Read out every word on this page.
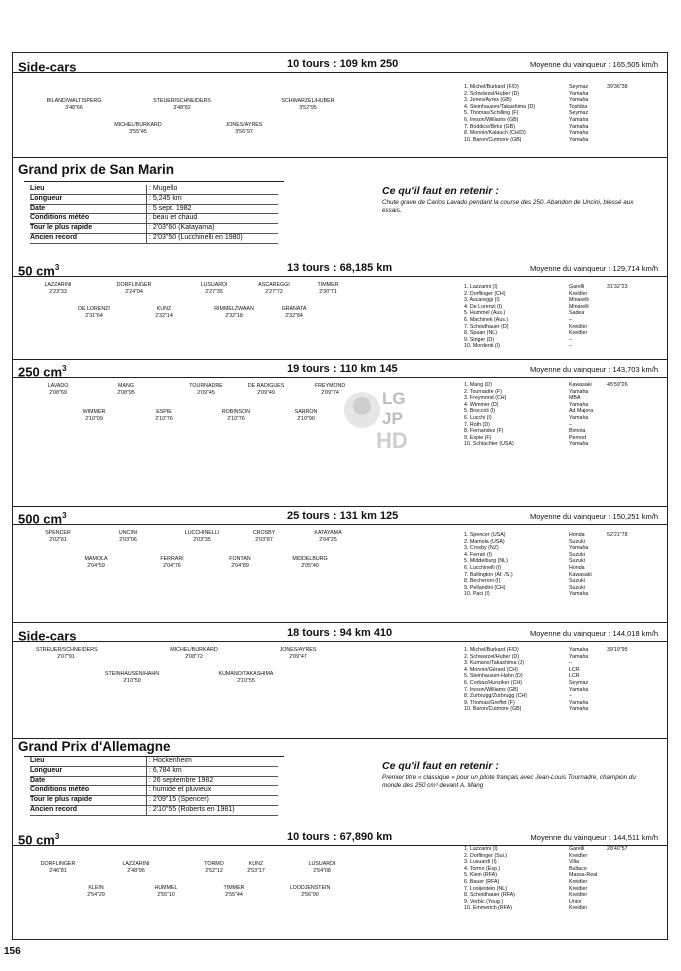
Side-cars	10 tours : 109 km 250	Moyenne du vainqueur : 165,505 km/h
BILAND/WALTISPERG
3'48"66
STEUER/SCHNEIDERS
3'48"82
SCHWARZEL/HUBER
3'52"95
MICHEL/BURKARD
3'55"45
JONES/AYRES
3'56"97
1. Michel/Burkard (F/D)	Seymaz	39'36"38
2. Schwärzel/Huber (D)	Yamaha
3. Jones/Ayres (GB)	Yamaha
4. Steinhausen/Takashima (D)	Toshiba
5. Thomas/Schilling (F)	Seymaz
6. Ireson/Williams (GB)	Yamaha
7. Boddice/Birks (GB)	Yamaha
8. Monnin/Kalauch (CH/D)	Yamaha
10. Baron/Cutmore (GB)	Yamaha
50 $cm^3$	13 tours : 68,185 km	Moyenne du vainqueur : 129,714 km/h
LAZZARINI
2'23"33
DORFLINGER
2'24"04
LUSUARDI
2'27"35
ASCAREGGI
2'27"72
TIMMER
2'30"71
DE LORENZI
2'31"64
KUNZ
2'32"14
RIMMELZWAAN
2'32"18
GRANATA
2'32"84
1. Lazzarini (I)	Garelli	31'32"23
2. Dorflinger (CH)	Kreidler
3. Ascareggi (I)	Minarelli
4. De Lorenzi (I)	Minarelli
5. Hummel (Aus.)	Sadea
6. Machinek (Aus.)	–
7. Scheidhauer (D)	Kreidler
8. Spaan (NL)	Kreidler
9. Singer (D)	–
10. Mordenti (I)	–
250 $cm^3$	19 tours : 110 km 145	Moyenne du vainqueur : 143,703 km/h
LAVADO
2'08"69
MANG
2'08"95
TOURNADRE
2'09"45
DE RADIGUES
2'09"49
FREYMOND
2'09"74
WIMMER
2'10"09
ESPIE
2'10"76
ROBINSON
2'10"76
SARRON
2'10"90
1. Mang (D)	Kawasaki	45'59"26
2. Tournadre (F)	Yamaha
3. Freymond (CH)	MBA
4. Wimmer (D)	Yamaha
5. Broccoli (I)	Ad Majora
6. Lucchi (I)	Yamaha
7. Roth (D)	–
8. Fernandez (F)	Bimota
9. Espie (F)	Pernod
10. Schlachter (USA)	Yamaha
500 $cm^3$	25 tours : 131 km 125	Moyenne du vainqueur : 150,251 km/h
SPENCER
2'02"81
UNCINI
2'03"06
LUCCHINELLI
2'03"35
CROSBY
2'03"87
KATAYAMA
2'04"25
MAMOLA
2'04"59
FERRARI
2'04"76
FONTAN
2'04"89
MIDDELBURG
2'05"40
1. Spencer (USA)	Honda	52'21"78
2. Mamola (USA)	Suzuki
3. Crosby (NZ)	Yamaha
4. Ferrari (I)	Suzuki
5. Middelburg (NL)	Suzuki
6. Lucchinelli (I)	Honda
7. Ballington (Af. /S.)	Kawasaki
8. Becheroni (I)	Suzuki
9. Pellandini (CH)	Suzuki
10. Paci (I)	Yamaha
Side-cars	18 tours : 94 km 410	Moyenne du vainqueur : 144,018 km/h
STREUER/SCHNEIDERS
2'07"91
MICHEL/BURKARD
2'08"72
JONES/AYRES
2'09"47
STEINHAUSEN/HAHN
2'10"50
KUMANO/TAKASHIMA
2'10"55
1. Michel/Burkard (F/D)	Yamaha	39'19"95
2. Schwarzel/Huber (D)	Yamaha
3. Kumano/Takashima (J)	–
4. Monnin/Gérard (CH)	LCR
5. Steinhausen-Hahn (D)	LCR
6. Corbaz/Hunziker (CH)	Seymaz
7. Ireson/Williams (GB)	Yamaha
8. Zurbrugg/Zurbrugg (CH)	–
9. Thomas/Greffet (F)	Yamaha
10. Baron/Cutmore (GB)	Yamaha
50 $cm^3$	10 tours : 67,890 km	Moyenne du vainqueur : 144,511 km/h
DORFLINGER
2'46"81
LAZZARINI
2'48"96
TORMO
2'52"12
KUNZ
2'53"17
LUSUARDI
2'54"08
KLEIN
2'54"29
HUMMEL
2'55"10
TIMMER
2'55"44
LOODJENSTEIN
2'56"90
1. Lazzarini (I)	Garelli	28'40"57
2. Dorflinger (Sui.)	Kreidler
3. Lusuardi (I)	Villa
4. Tormo (Esp.)	Bultaco
5. Klein (RFA)	Massa-Real
6. Bauer (RFA)	Kreidler
7. Looijestein (NL)	Kreidler
8. Scheidhauer (RFA)	Kreidler
9. Verbic (Youg.)	Unior
10. Emmerich (RFA)	Kreidler
Grand prix de San Marin
Lieu	: Mugello
Longueur	: 5,245 km
Date	: 5 sept. 1982
Conditions météo	: beau et chaud
Tour le plus rapide	: 2'03"60 (Katayama)
Ancien record	: 2'03"50 (Lucchinelli en 1980)
Ce qu'il faut en retenir :
Chute grave de Carlos Lavado pendant la course des 250. Abandon de Uncini, blessé aux essais.
Grand Prix d'Allemagne
Lieu	: Hockenheim
Longueur	: 6,784 km
Date	: 26 septembre 1982
Conditions météo	: humide et pluvieux
Tour le plus rapide	: 2'09"15 (Spencer)
Ancien record	: 2'10"55 (Roberts en 1981)
Ce qu'il faut en retenir :
Premier titre « classique » pour un pilote français avec Jean-Louis Tournadre, champion du monde des 250 cm³ devant A. Mang
LG
JP
HD
156
